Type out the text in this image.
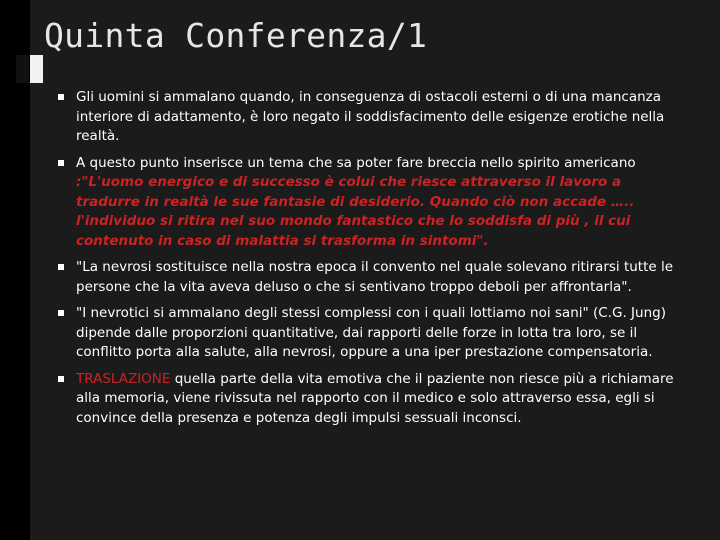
Quinta Conferenza/1
Gli uomini si ammalano quando, in conseguenza di ostacoli esterni o di una mancanza interiore di adattamento, è loro negato il soddisfacimento delle esigenze erotiche nella realtà.
A questo punto inserisce un tema che sa poter fare breccia nello spirito americano :"L'uomo energico e di successo è colui che riesce attraverso il lavoro a tradurre in realtà le sue fantasie di desiderio. Quando ciò non accade ….. l'individuo si ritira nel suo mondo fantastico che lo soddisfa di più , il cui contenuto in caso di malattia si trasforma in sintomi".
"La nevrosi sostituisce nella nostra epoca il convento nel quale solevano ritirarsi tutte le persone che la vita aveva deluso o che si sentivano troppo deboli per affrontarla".
"I nevrotici si ammalano degli stessi complessi con i quali lottiamo noi sani" (C.G. Jung) dipende dalle proporzioni quantitative, dai rapporti delle forze in lotta tra loro, se il conflitto porta alla salute, alla nevrosi, oppure a una iper prestazione compensatoria.
TRASLAZIONE quella parte della vita emotiva che il paziente non riesce più a richiamare alla memoria, viene rivissuta nel rapporto con il medico e solo attraverso essa, egli si convince della presenza e potenza degli impulsi sessuali inconsci.
